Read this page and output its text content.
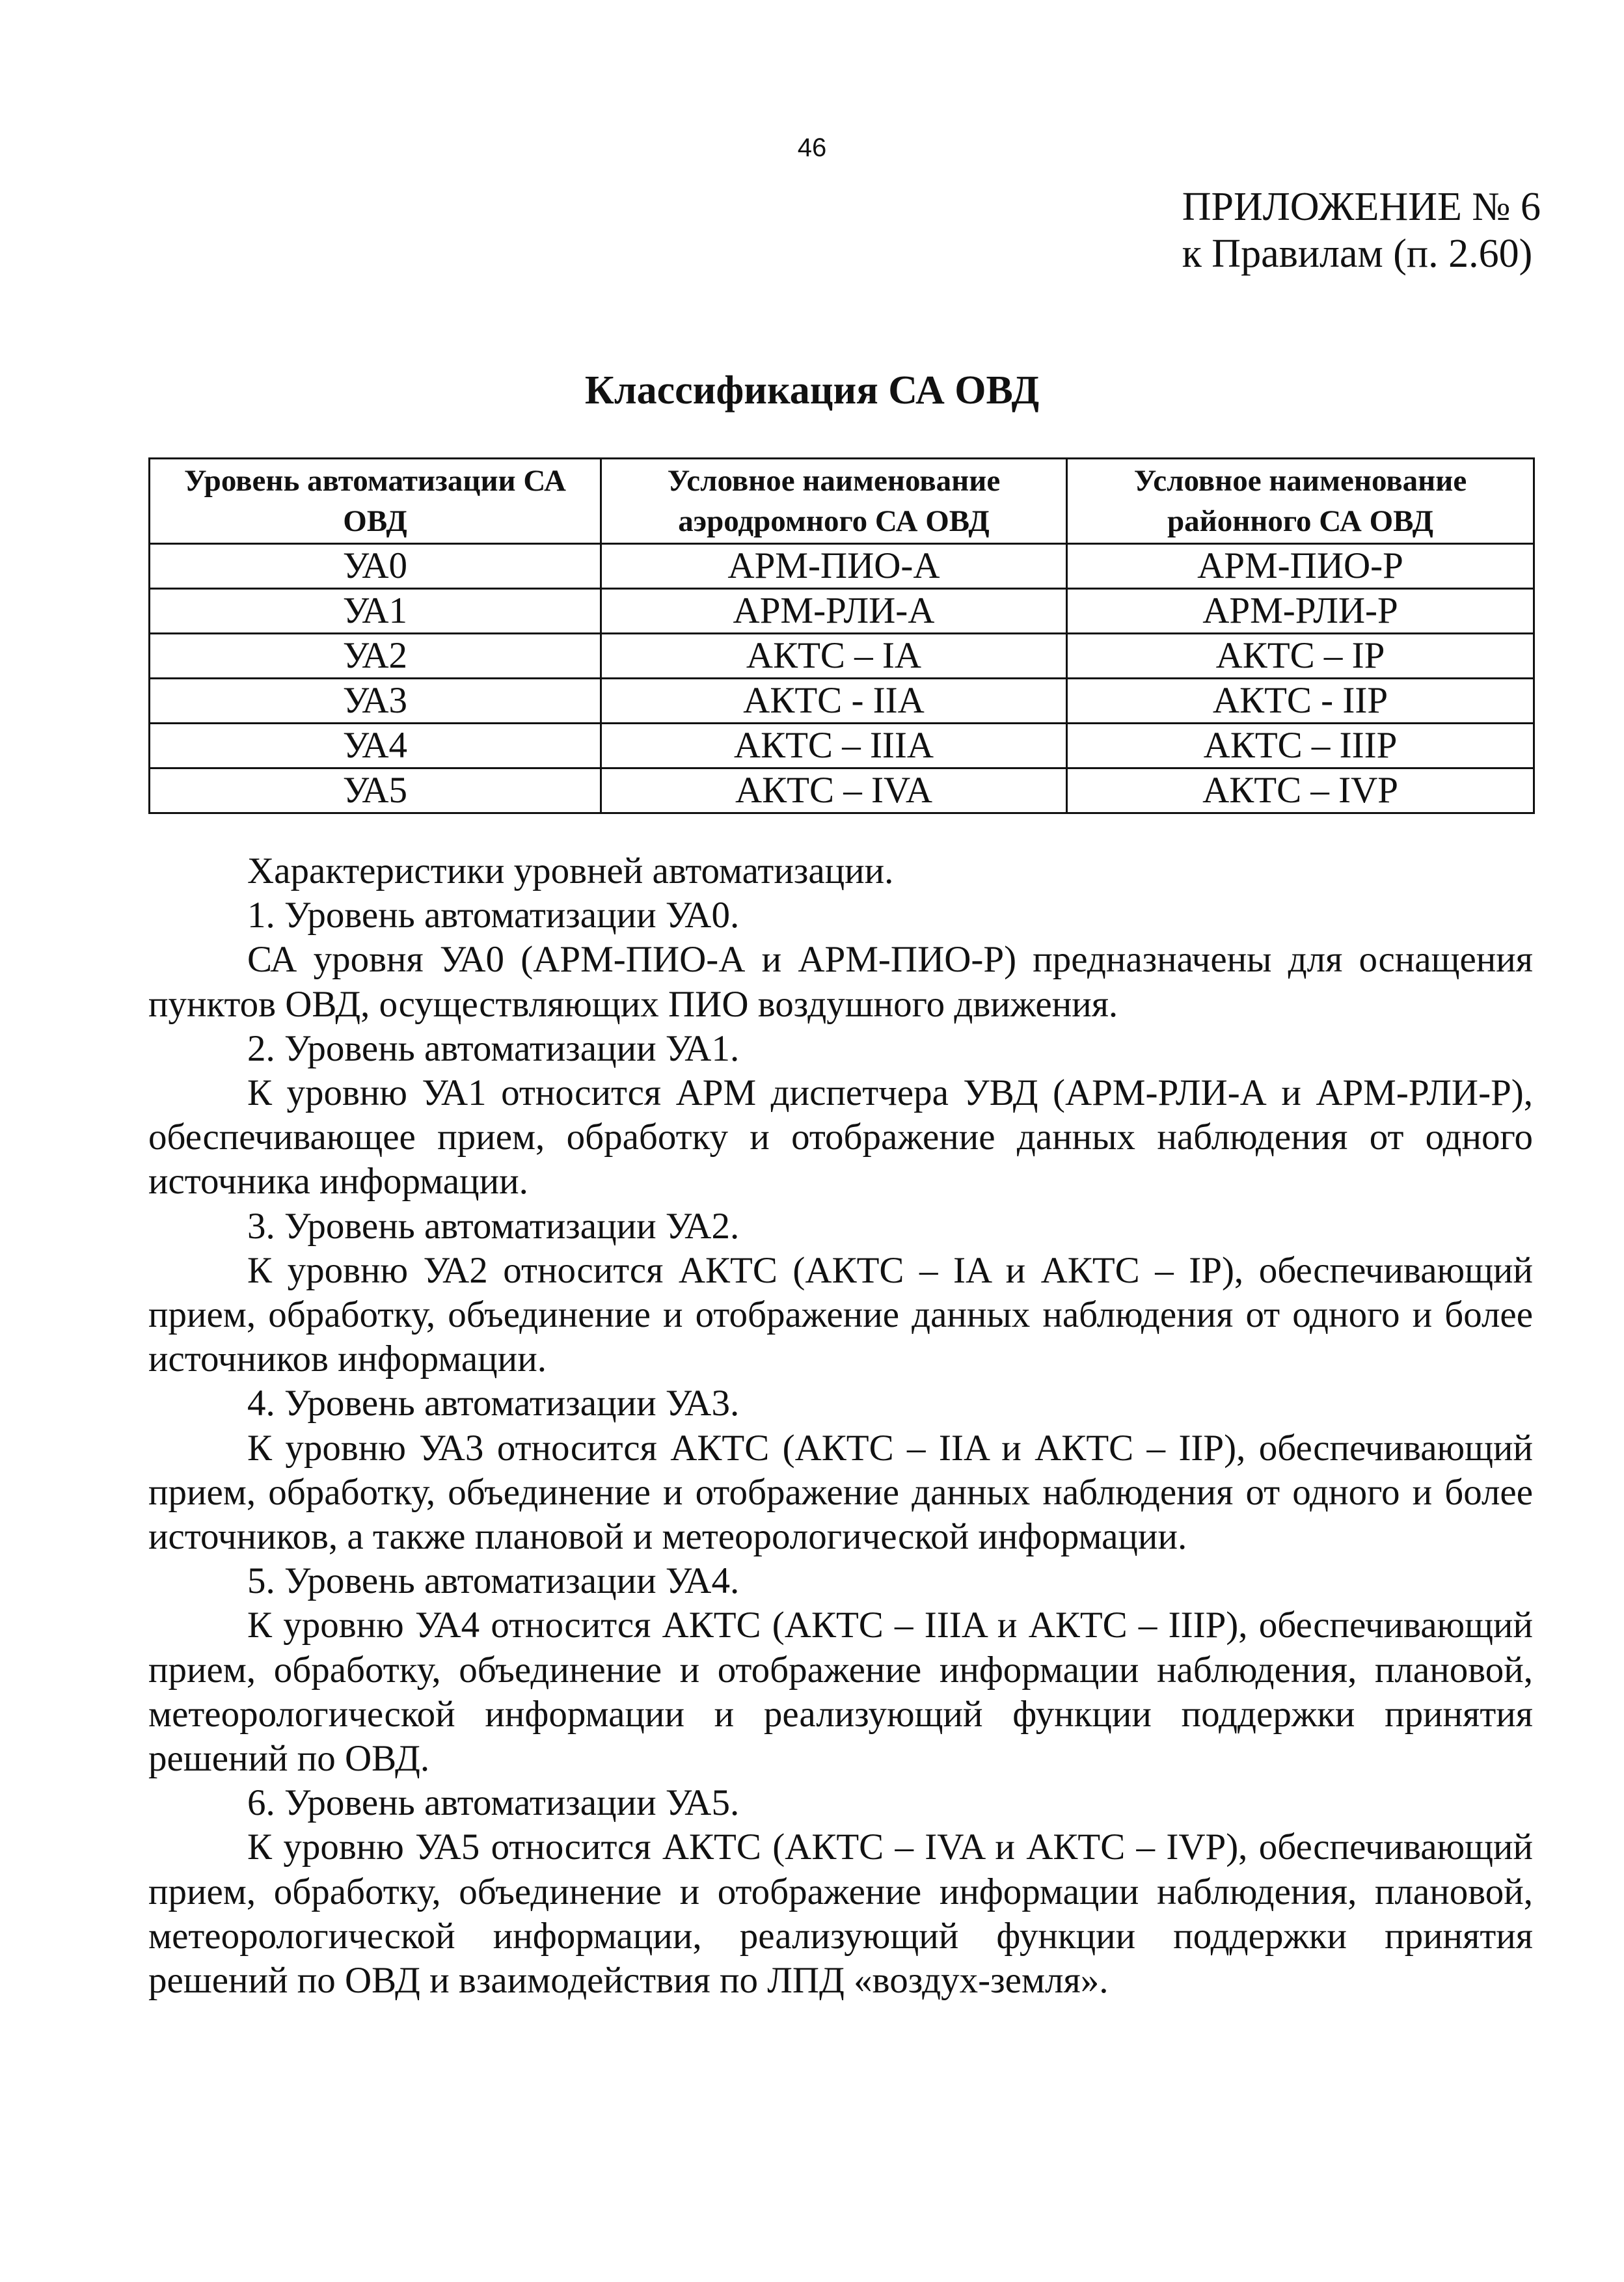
46
ПРИЛОЖЕНИЕ № 6
к Правилам (п. 2.60)
Классификация СА ОВД
Уровень автоматизации СА ОВД	Условное наименование аэродромного СА ОВД	Условное наименование районного СА ОВД
УА0	АРМ-ПИО-А	АРМ-ПИО-Р
УА1	АРМ-РЛИ-А	АРМ-РЛИ-Р
УА2	АКТС – IA	АКТС – IP
УА3	АКТС - IIA	АКТС - IIP
УА4	АКТС – IIIA	АКТС – IIIP
УА5	АКТС – IVA	АКТС – IVP

Характеристики уровней автоматизации.

1. Уровень автоматизации УА0.

СА уровня УА0 (АРМ-ПИО-А и АРМ-ПИО-Р) предназначены для оснащения пунктов ОВД, осуществляющих ПИО воздушного движения.

2. Уровень автоматизации УА1.

К уровню УА1 относится АРМ диспетчера УВД (АРМ-РЛИ-А и АРМ-РЛИ-Р), обеспечивающее прием, обработку и отображение данных наблюдения от одного источника информации.

3. Уровень автоматизации УА2.

К уровню УА2 относится АКТС (АКТС – IA и АКТС – IP), обеспечивающий прием, обработку, объединение и отображение данных наблюдения от одного и более источников информации.

4. Уровень автоматизации УА3.

К уровню УА3 относится АКТС (АКТС – IIA и АКТС – IIP), обеспечивающий прием, обработку, объединение и отображение данных наблюдения от одного и более источников, а также плановой и метеорологической информации.

5. Уровень автоматизации УА4.

К уровню УА4 относится АКТС (АКТС – IIIA и АКТС – IIIP), обеспечивающий прием, обработку, объединение и отображение информации наблюдения, плановой, метеорологической информации и реализующий функции поддержки принятия решений по ОВД.

6. Уровень автоматизации УА5.

К уровню УА5 относится АКТС (АКТС – IVA и АКТС – IVP), обеспечивающий прием, обработку, объединение и отображение информации наблюдения, плановой, метеорологической информации, реализующий функции поддержки принятия решений по ОВД и взаимодействия по ЛПД «воздух-земля».
